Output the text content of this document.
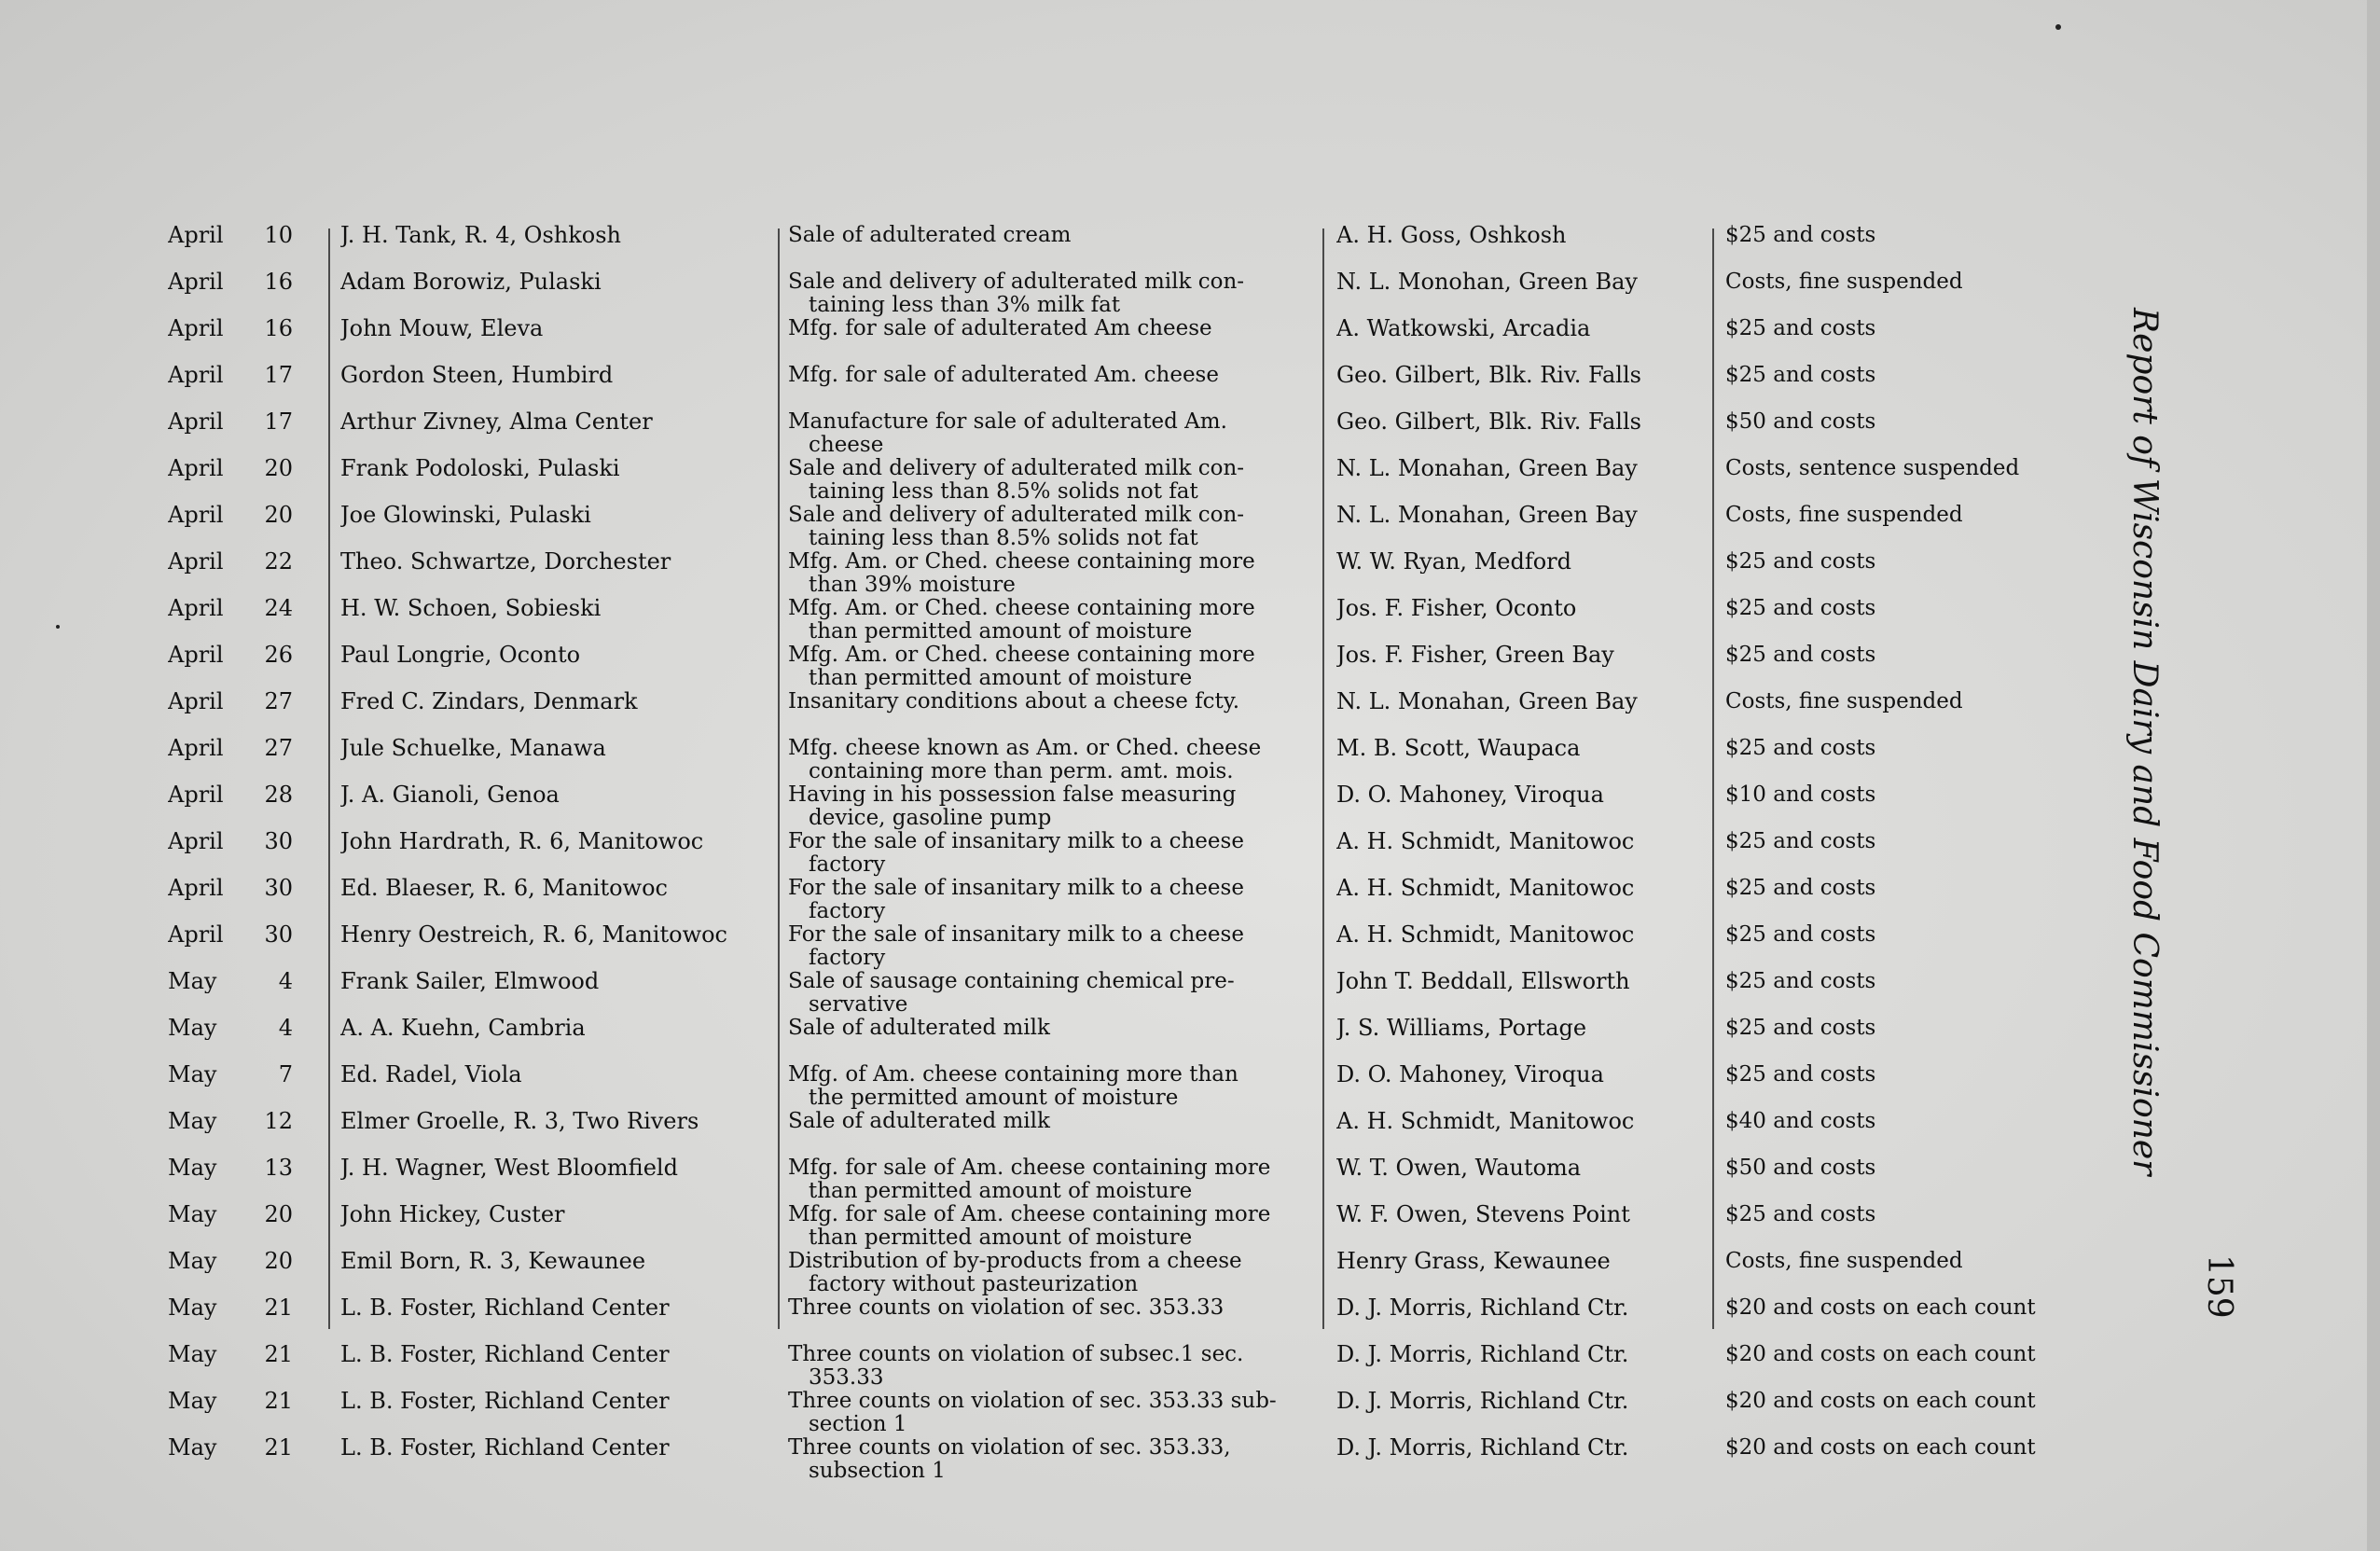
April	10	J. H. Tank, R. 4, Oshkosh	Sale of adulterated cream	A. H. Goss, Oshkosh	$25 and costs
April	16	Adam Borowiz, Pulaski	Sale and delivery of adulterated milk con-
taining less than 3% milk fat
N. L. Monohan, Green Bay	Costs, fine suspended
April	16	John Mouw, Eleva	Mfg. for sale of adulterated Am cheese	A. Watkowski, Arcadia	$25 and costs
April	17	Gordon Steen, Humbird	Mfg. for sale of adulterated Am. cheese	Geo. Gilbert, Blk. Riv. Falls	$25 and costs
April	17	Arthur Zivney, Alma Center	Manufacture for sale of adulterated Am.
cheese
Geo. Gilbert, Blk. Riv. Falls	$50 and costs
April	20	Frank Podoloski, Pulaski	Sale and delivery of adulterated milk con-
taining less than 8.5% solids not fat
N. L. Monahan, Green Bay	Costs, sentence suspended
April	20	Joe Glowinski, Pulaski	Sale and delivery of adulterated milk con-
taining less than 8.5% solids not fat
N. L. Monahan, Green Bay	Costs, fine suspended
April	22	Theo. Schwartze, Dorchester	Mfg. Am. or Ched. cheese containing more
than 39% moisture
W. W. Ryan, Medford	$25 and costs
April	24	H. W. Schoen, Sobieski	Mfg. Am. or Ched. cheese containing more
than permitted amount of moisture
Jos. F. Fisher, Oconto	$25 and costs
April	26	Paul Longrie, Oconto	Mfg. Am. or Ched. cheese containing more
than permitted amount of moisture
Jos. F. Fisher, Green Bay	$25 and costs
April	27	Fred C. Zindars, Denmark	Insanitary conditions about a cheese fcty.	N. L. Monahan, Green Bay	Costs, fine suspended
April	27	Jule Schuelke, Manawa	Mfg. cheese known as Am. or Ched. cheese
containing more than perm. amt. mois.
M. B. Scott, Waupaca	$25 and costs
April	28	J. A. Gianoli, Genoa	Having in his possession false measuring
device, gasoline pump
D. O. Mahoney, Viroqua	$10 and costs
April	30	John Hardrath, R. 6, Manitowoc	For the sale of insanitary milk to a cheese
factory
A. H. Schmidt, Manitowoc	$25 and costs
April	30	Ed. Blaeser, R. 6, Manitowoc	For the sale of insanitary milk to a cheese
factory
A. H. Schmidt, Manitowoc	$25 and costs
April	30	Henry Oestreich, R. 6, Manitowoc	For the sale of insanitary milk to a cheese
factory
A. H. Schmidt, Manitowoc	$25 and costs
May	4	Frank Sailer, Elmwood	Sale of sausage containing chemical pre-
servative
John T. Beddall, Ellsworth	$25 and costs
May	4	A. A. Kuehn, Cambria	Sale of adulterated milk	J. S. Williams, Portage	$25 and costs
May	7	Ed. Radel, Viola	Mfg. of Am. cheese containing more than
the permitted amount of moisture
D. O. Mahoney, Viroqua	$25 and costs
May	12	Elmer Groelle, R. 3, Two Rivers	Sale of adulterated milk	A. H. Schmidt, Manitowoc	$40 and costs
May	13	J. H. Wagner, West Bloomfield	Mfg. for sale of Am. cheese containing more
than permitted amount of moisture
W. T. Owen, Wautoma	$50 and costs
May	20	John Hickey, Custer	Mfg. for sale of Am. cheese containing more
than permitted amount of moisture
W. F. Owen, Stevens Point	$25 and costs
May	20	Emil Born, R. 3, Kewaunee	Distribution of by-products from a cheese
factory without pasteurization
Henry Grass, Kewaunee	Costs, fine suspended
May	21	L. B. Foster, Richland Center	Three counts on violation of sec. 353.33	D. J. Morris, Richland Ctr.	$20 and costs on each count
May	21	L. B. Foster, Richland Center	Three counts on violation of subsec.1 sec.
353.33
D. J. Morris, Richland Ctr.	$20 and costs on each count
May	21	L. B. Foster, Richland Center	Three counts on violation of sec. 353.33 sub-
section 1
D. J. Morris, Richland Ctr.	$20 and costs on each count
May	21	L. B. Foster, Richland Center	Three counts on violation of sec. 353.33,
subsection 1
D. J. Morris, Richland Ctr.	$20 and costs on each count
Report of Wisconsin Dairy and Food Commissioner
159
